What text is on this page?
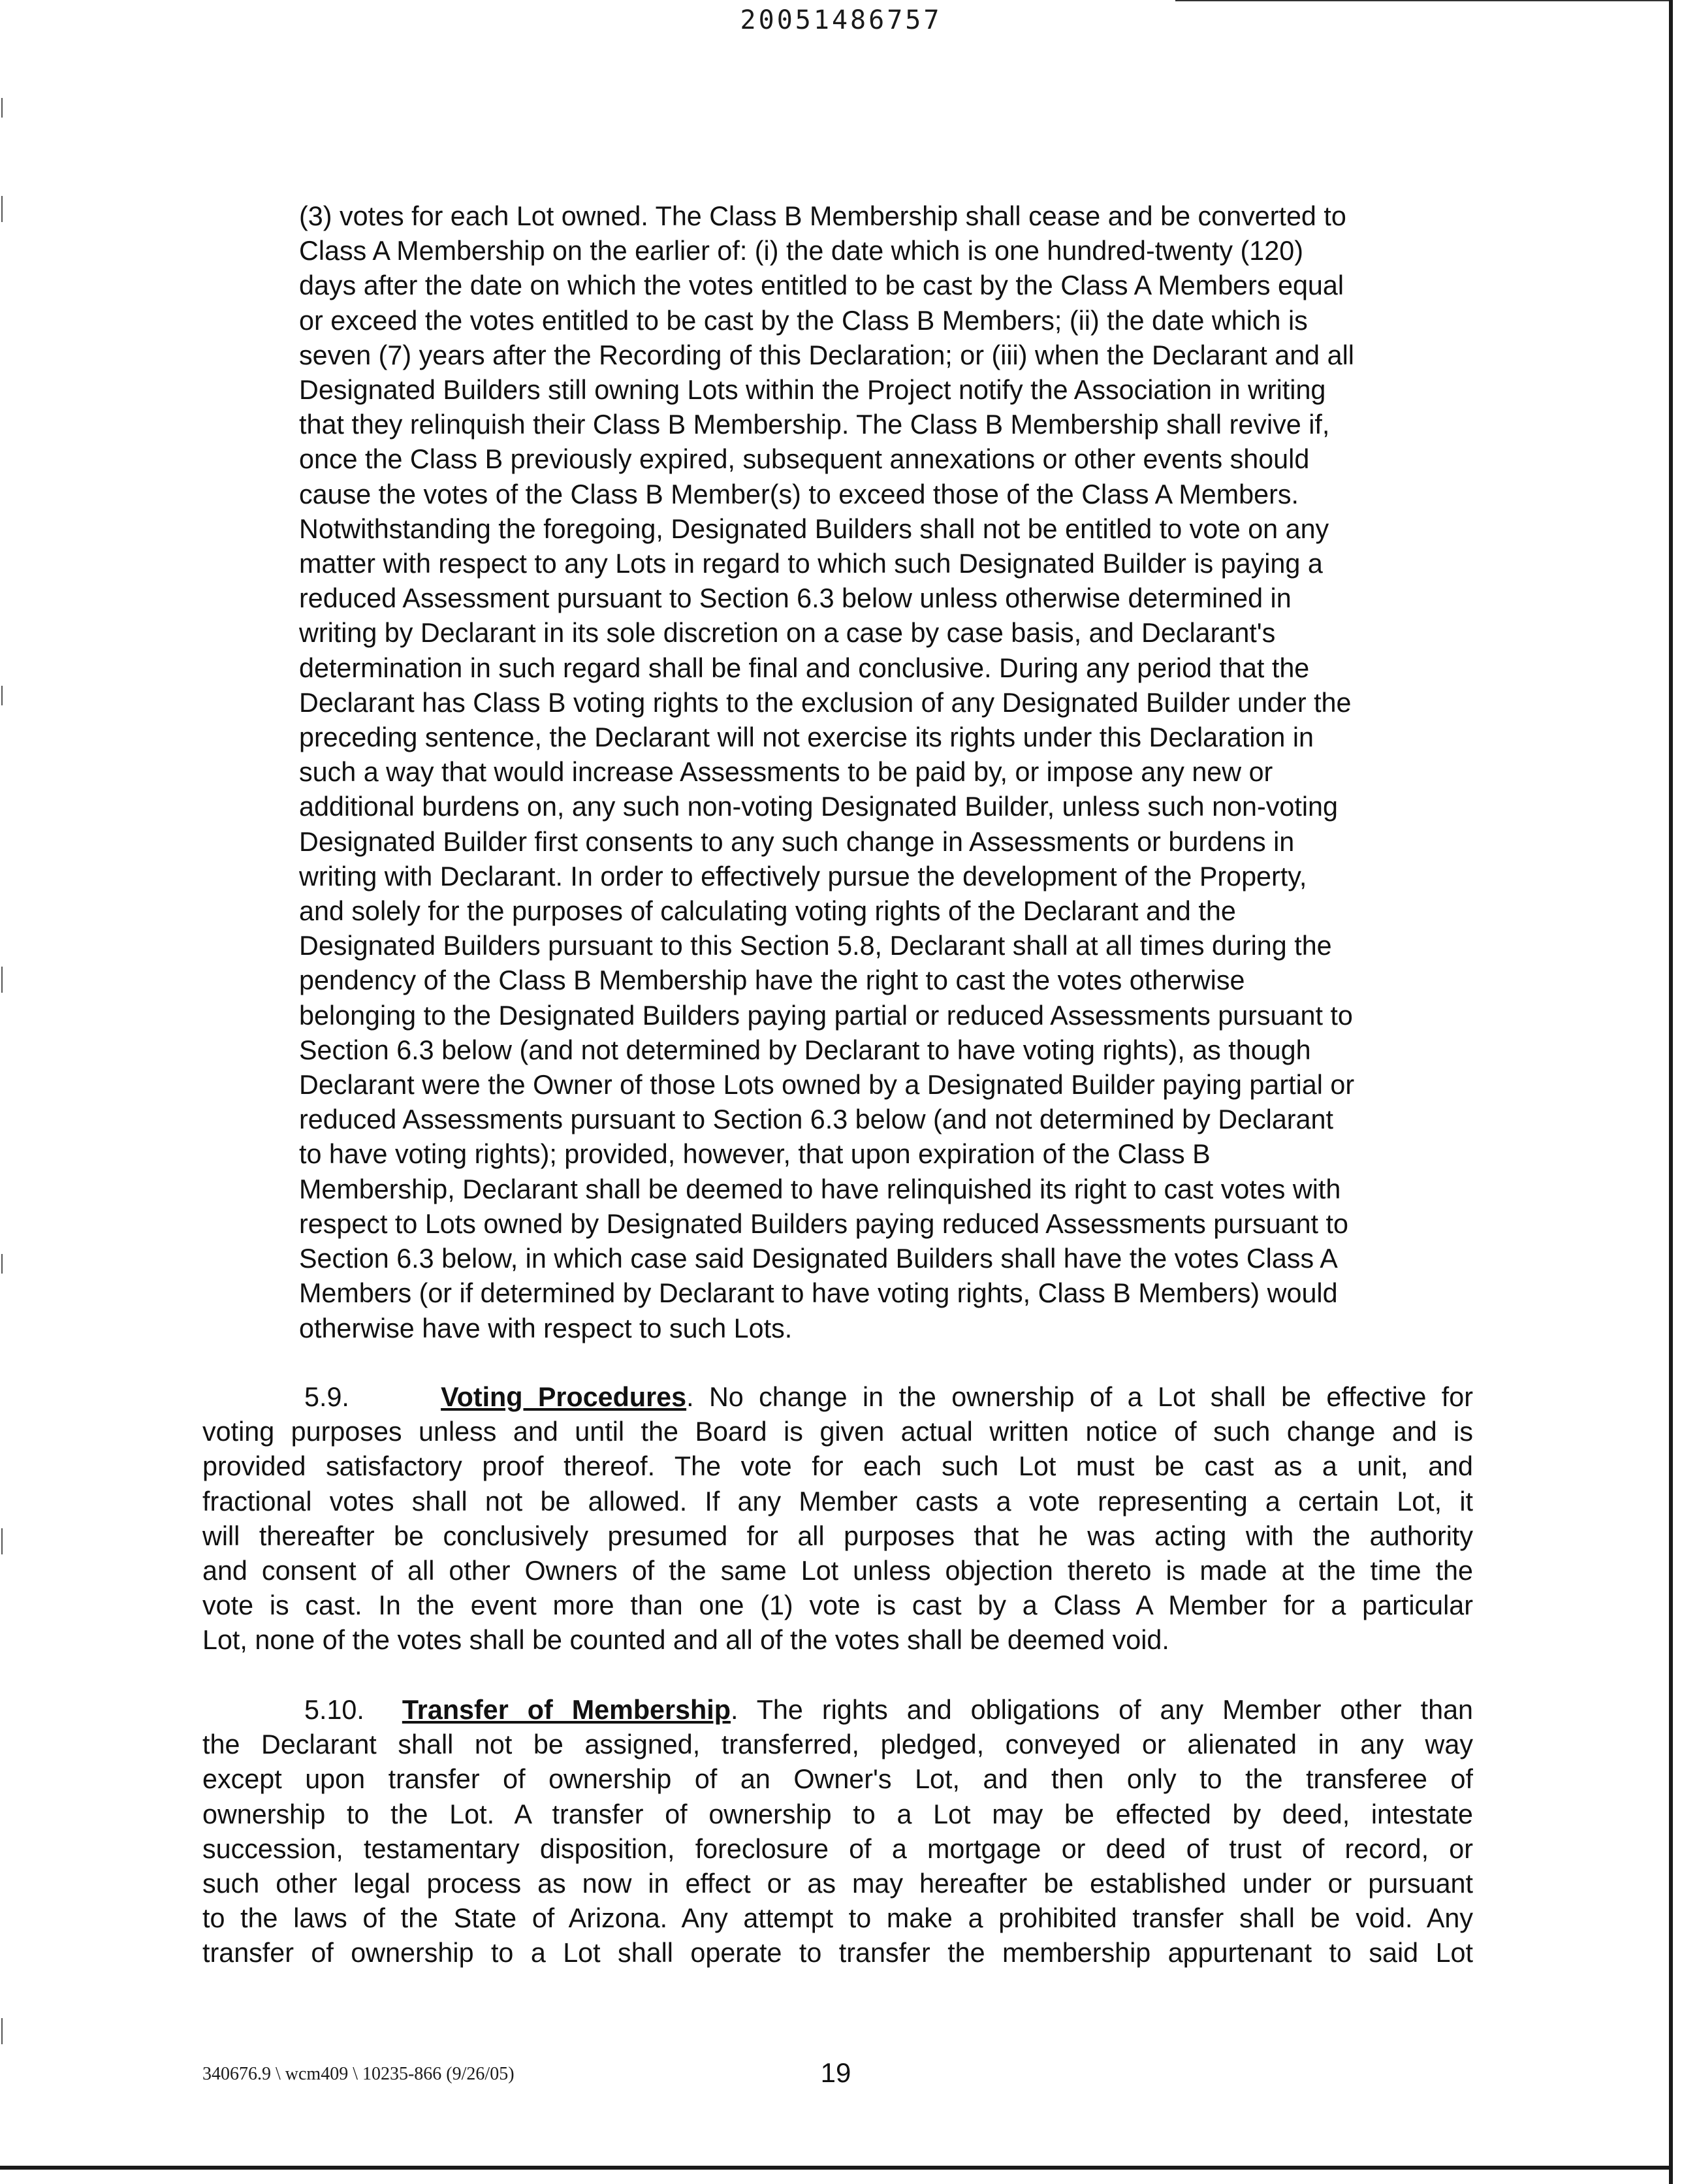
20051486757
(3) votes for each Lot owned. The Class B Membership shall cease and be converted to
Class A Membership on the earlier of: (i) the date which is one hundred-twenty (120)
days after the date on which the votes entitled to be cast by the Class A Members equal
or exceed the votes entitled to be cast by the Class B Members; (ii) the date which is
seven (7) years after the Recording of this Declaration; or (iii) when the Declarant and all
Designated Builders still owning Lots within the Project notify the Association in writing
that they relinquish their Class B Membership. The Class B Membership shall revive if,
once the Class B previously expired, subsequent annexations or other events should
cause the votes of the Class B Member(s) to exceed those of the Class A Members.
Notwithstanding the foregoing, Designated Builders shall not be entitled to vote on any
matter with respect to any Lots in regard to which such Designated Builder is paying a
reduced Assessment pursuant to Section 6.3 below unless otherwise determined in
writing by Declarant in its sole discretion on a case by case basis, and Declarant's
determination in such regard shall be final and conclusive. During any period that the
Declarant has Class B voting rights to the exclusion of any Designated Builder under the
preceding sentence, the Declarant will not exercise its rights under this Declaration in
such a way that would increase Assessments to be paid by, or impose any new or
additional burdens on, any such non-voting Designated Builder, unless such non-voting
Designated Builder first consents to any such change in Assessments or burdens in
writing with Declarant. In order to effectively pursue the development of the Property,
and solely for the purposes of calculating voting rights of the Declarant and the
Designated Builders pursuant to this Section 5.8, Declarant shall at all times during the
pendency of the Class B Membership have the right to cast the votes otherwise
belonging to the Designated Builders paying partial or reduced Assessments pursuant to
Section 6.3 below (and not determined by Declarant to have voting rights), as though
Declarant were the Owner of those Lots owned by a Designated Builder paying partial or
reduced Assessments pursuant to Section 6.3 below (and not determined by Declarant
to have voting rights); provided, however, that upon expiration of the Class B
Membership, Declarant shall be deemed to have relinquished its right to cast votes with
respect to Lots owned by Designated Builders paying reduced Assessments pursuant to
Section 6.3 below, in which case said Designated Builders shall have the votes Class A
Members (or if determined by Declarant to have voting rights, Class B Members) would
otherwise have with respect to such Lots.
5.9.	Voting Procedures. No change in the ownership of a Lot shall be effective for
voting purposes unless and until the Board is given actual written notice of such change and is
provided satisfactory proof thereof. The vote for each such Lot must be cast as a unit, and
fractional votes shall not be allowed. If any Member casts a vote representing a certain Lot, it
will thereafter be conclusively presumed for all purposes that he was acting with the authority
and consent of all other Owners of the same Lot unless objection thereto is made at the time the
vote is cast. In the event more than one (1) vote is cast by a Class A Member for a particular
Lot, none of the votes shall be counted and all of the votes shall be deemed void.
5.10. Transfer of Membership. The rights and obligations of any Member other than
the Declarant shall not be assigned, transferred, pledged, conveyed or alienated in any way
except upon transfer of ownership of an Owner's Lot, and then only to the transferee of
ownership to the Lot. A transfer of ownership to a Lot may be effected by deed, intestate
succession, testamentary disposition, foreclosure of a mortgage or deed of trust of record, or
such other legal process as now in effect or as may hereafter be established under or pursuant
to the laws of the State of Arizona. Any attempt to make a prohibited transfer shall be void. Any
transfer of ownership to a Lot shall operate to transfer the membership appurtenant to said Lot
340676.9 \ wcm409 \ 10235-866 (9/26/05)	19
